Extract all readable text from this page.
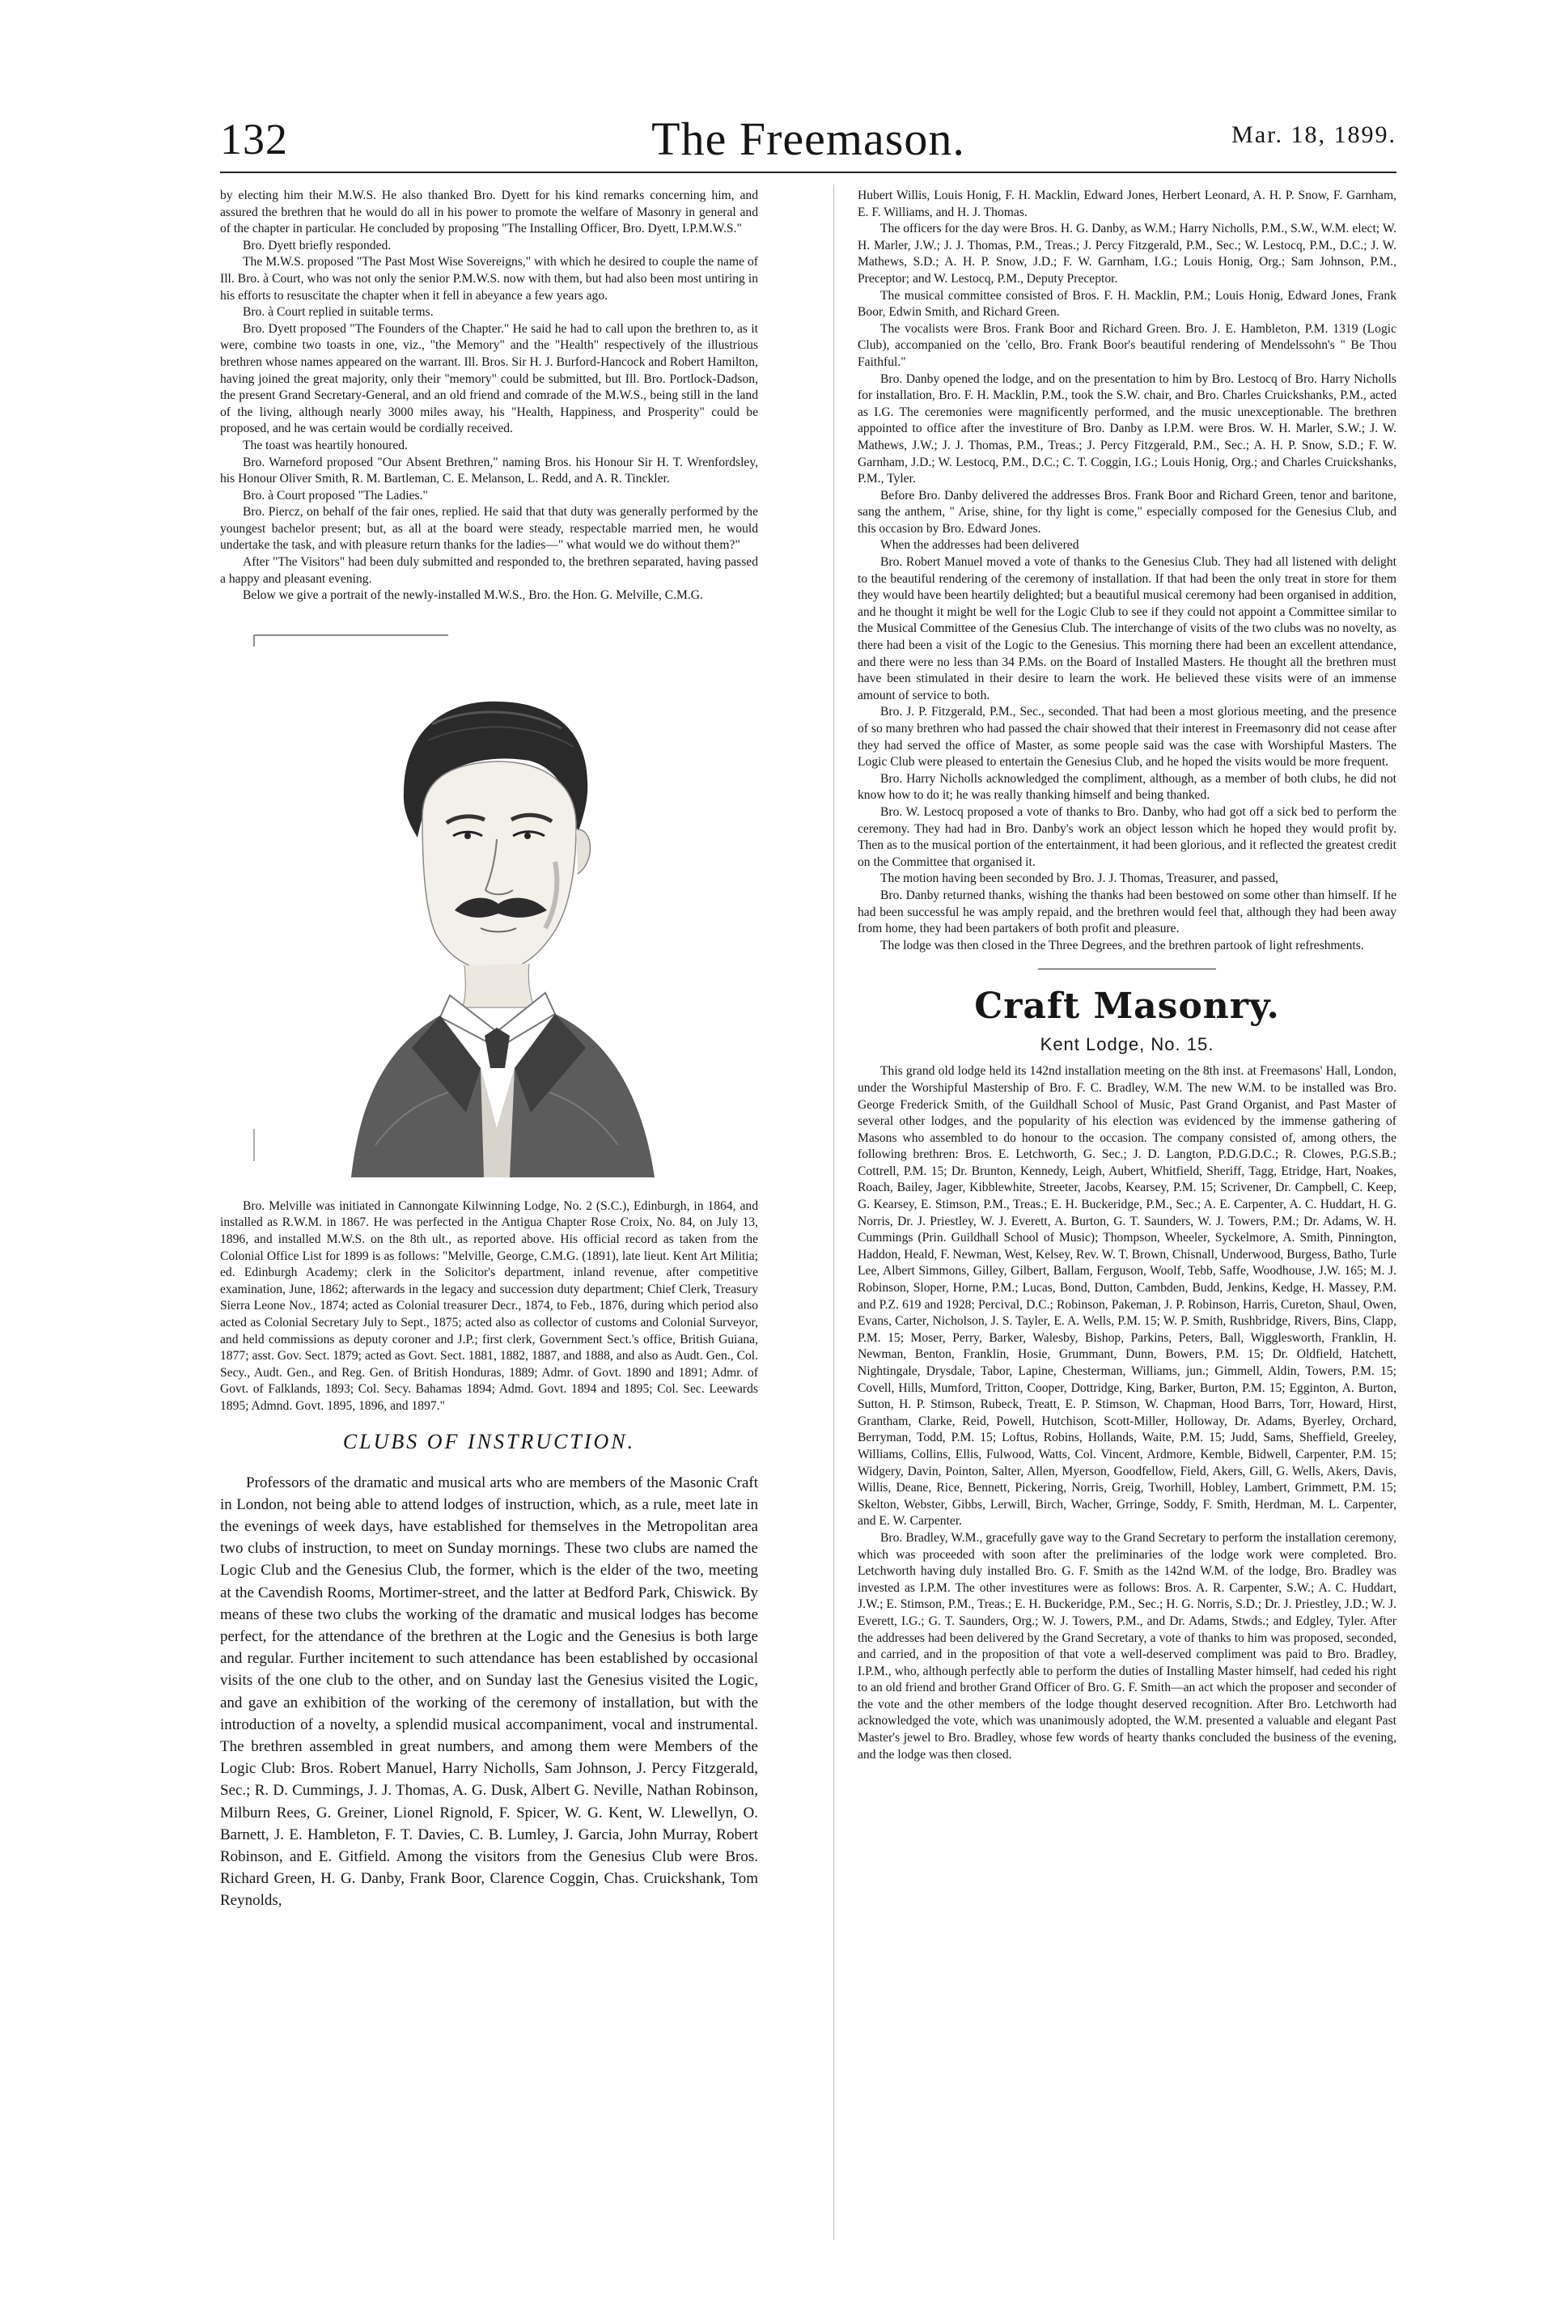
132	The Freemason.	Mar. 18, 1899.

by electing him their M.W.S. He also thanked Bro. Dyett for his kind remarks concerning him, and assured the brethren that he would do all in his power to promote the welfare of Masonry in general and of the chapter in particular. He concluded by proposing "The Installing Officer, Bro. Dyett, I.P.M.W.S."

Bro. Dyett briefly responded.

The M.W.S. proposed "The Past Most Wise Sovereigns," with which he desired to couple the name of Ill. Bro. à Court, who was not only the senior P.M.W.S. now with them, but had also been most untiring in his efforts to resuscitate the chapter when it fell in abeyance a few years ago.

Bro. à Court replied in suitable terms.

Bro. Dyett proposed "The Founders of the Chapter." He said he had to call upon the brethren to, as it were, combine two toasts in one, viz., "the Memory" and the "Health" respectively of the illustrious brethren whose names appeared on the warrant. Ill. Bros. Sir H. J. Burford-Hancock and Robert Hamilton, having joined the great majority, only their "memory" could be submitted, but Ill. Bro. Portlock-Dadson, the present Grand Secretary-General, and an old friend and comrade of the M.W.S., being still in the land of the living, although nearly 3000 miles away, his "Health, Happiness, and Prosperity" could be proposed, and he was certain would be cordially received.

The toast was heartily honoured.

Bro. Warneford proposed "Our Absent Brethren," naming Bros. his Honour Sir H. T. Wrenfordsley, his Honour Oliver Smith, R. M. Bartleman, C. E. Melanson, L. Redd, and A. R. Tinckler.

Bro. à Court proposed "The Ladies."

Bro. Piercz, on behalf of the fair ones, replied. He said that that duty was generally performed by the youngest bachelor present; but, as all at the board were steady, respectable married men, he would undertake the task, and with pleasure return thanks for the ladies—" what would we do without them?"

After "The Visitors" had been duly submitted and responded to, the brethren separated, having passed a happy and pleasant evening.

Below we give a portrait of the newly-installed M.W.S., Bro. the Hon. G. Melville, C.M.G.

Bro. Melville was initiated in Cannongate Kilwinning Lodge, No. 2 (S.C.), Edinburgh, in 1864, and installed as R.W.M. in 1867. He was perfected in the Antigua Chapter Rose Croix, No. 84, on July 13, 1896, and installed M.W.S. on the 8th ult., as reported above. His official record as taken from the Colonial Office List for 1899 is as follows: "Melville, George, C.M.G. (1891), late lieut. Kent Art Militia; ed. Edinburgh Academy; clerk in the Solicitor's department, inland revenue, after competitive examination, June, 1862; afterwards in the legacy and succession duty department; Chief Clerk, Treasury Sierra Leone Nov., 1874; acted as Colonial treasurer Decr., 1874, to Feb., 1876, during which period also acted as Colonial Secretary July to Sept., 1875; acted also as collector of customs and Colonial Surveyor, and held commissions as deputy coroner and J.P.; first clerk, Government Sect.'s office, British Guiana, 1877; asst. Gov. Sect. 1879; acted as Govt. Sect. 1881, 1882, 1887, and 1888, and also as Audt. Gen., Col. Secy., Audt. Gen., and Reg. Gen. of British Honduras, 1889; Admr. of Govt. 1890 and 1891; Admr. of Govt. of Falklands, 1893; Col. Secy. Bahamas 1894; Admd. Govt. 1894 and 1895; Col. Sec. Leewards 1895; Admnd. Govt. 1895, 1896, and 1897."

CLUBS OF INSTRUCTION.

Professors of the dramatic and musical arts who are members of the Masonic Craft in London, not being able to attend lodges of instruction, which, as a rule, meet late in the evenings of week days, have established for themselves in the Metropolitan area two clubs of instruction, to meet on Sunday mornings. These two clubs are named the Logic Club and the Genesius Club, the former, which is the elder of the two, meeting at the Cavendish Rooms, Mortimer-street, and the latter at Bedford Park, Chiswick. By means of these two clubs the working of the dramatic and musical lodges has become perfect, for the attendance of the brethren at the Logic and the Genesius is both large and regular. Further incitement to such attendance has been established by occasional visits of the one club to the other, and on Sunday last the Genesius visited the Logic, and gave an exhibition of the working of the ceremony of installation, but with the introduction of a novelty, a splendid musical accompaniment, vocal and instrumental. The brethren assembled in great numbers, and among them were Members of the Logic Club: Bros. Robert Manuel, Harry Nicholls, Sam Johnson, J. Percy Fitzgerald, Sec.; R. D. Cummings, J. J. Thomas, A. G. Dusk, Albert G. Neville, Nathan Robinson, Milburn Rees, G. Greiner, Lionel Rignold, F. Spicer, W. G. Kent, W. Llewellyn, O. Barnett, J. E. Hambleton, F. T. Davies, C. B. Lumley, J. Garcia, John Murray, Robert Robinson, and E. Gitfield. Among the visitors from the Genesius Club were Bros. Richard Green, H. G. Danby, Frank Boor, Clarence Coggin, Chas. Cruickshank, Tom Reynolds,

Hubert Willis, Louis Honig, F. H. Macklin, Edward Jones, Herbert Leonard, A. H. P. Snow, F. Garnham, E. F. Williams, and H. J. Thomas.

The officers for the day were Bros. H. G. Danby, as W.M.; Harry Nicholls, P.M., S.W., W.M. elect; W. H. Marler, J.W.; J. J. Thomas, P.M., Treas.; J. Percy Fitzgerald, P.M., Sec.; W. Lestocq, P.M., D.C.; J. W. Mathews, S.D.; A. H. P. Snow, J.D.; F. W. Garnham, I.G.; Louis Honig, Org.; Sam Johnson, P.M., Preceptor; and W. Lestocq, P.M., Deputy Preceptor.

The musical committee consisted of Bros. F. H. Macklin, P.M.; Louis Honig, Edward Jones, Frank Boor, Edwin Smith, and Richard Green.

The vocalists were Bros. Frank Boor and Richard Green. Bro. J. E. Hambleton, P.M. 1319 (Logic Club), accompanied on the 'cello, Bro. Frank Boor's beautiful rendering of Mendelssohn's " Be Thou Faithful."

Bro. Danby opened the lodge, and on the presentation to him by Bro. Lestocq of Bro. Harry Nicholls for installation, Bro. F. H. Macklin, P.M., took the S.W. chair, and Bro. Charles Cruickshanks, P.M., acted as I.G. The ceremonies were magnificently performed, and the music unexceptionable. The brethren appointed to office after the investiture of Bro. Danby as I.P.M. were Bros. W. H. Marler, S.W.; J. W. Mathews, J.W.; J. J. Thomas, P.M., Treas.; J. Percy Fitzgerald, P.M., Sec.; A. H. P. Snow, S.D.; F. W. Garnham, J.D.; W. Lestocq, P.M., D.C.; C. T. Coggin, I.G.; Louis Honig, Org.; and Charles Cruickshanks, P.M., Tyler.

Before Bro. Danby delivered the addresses Bros. Frank Boor and Richard Green, tenor and baritone, sang the anthem, " Arise, shine, for thy light is come," especially composed for the Genesius Club, and this occasion by Bro. Edward Jones.

When the addresses had been delivered

Bro. Robert Manuel moved a vote of thanks to the Genesius Club. They had all listened with delight to the beautiful rendering of the ceremony of installation. If that had been the only treat in store for them they would have been heartily delighted; but a beautiful musical ceremony had been organised in addition, and he thought it might be well for the Logic Club to see if they could not appoint a Committee similar to the Musical Committee of the Genesius Club. The interchange of visits of the two clubs was no novelty, as there had been a visit of the Logic to the Genesius. This morning there had been an excellent attendance, and there were no less than 34 P.Ms. on the Board of Installed Masters. He thought all the brethren must have been stimulated in their desire to learn the work. He believed these visits were of an immense amount of service to both.

Bro. J. P. Fitzgerald, P.M., Sec., seconded. That had been a most glorious meeting, and the presence of so many brethren who had passed the chair showed that their interest in Freemasonry did not cease after they had served the office of Master, as some people said was the case with Worshipful Masters. The Logic Club were pleased to entertain the Genesius Club, and he hoped the visits would be more frequent.

Bro. Harry Nicholls acknowledged the compliment, although, as a member of both clubs, he did not know how to do it; he was really thanking himself and being thanked.

Bro. W. Lestocq proposed a vote of thanks to Bro. Danby, who had got off a sick bed to perform the ceremony. They had had in Bro. Danby's work an object lesson which he hoped they would profit by. Then as to the musical portion of the entertainment, it had been glorious, and it reflected the greatest credit on the Committee that organised it.

The motion having been seconded by Bro. J. J. Thomas, Treasurer, and passed,

Bro. Danby returned thanks, wishing the thanks had been bestowed on some other than himself. If he had been successful he was amply repaid, and the brethren would feel that, although they had been away from home, they had been partakers of both profit and pleasure.

The lodge was then closed in the Three Degrees, and the brethren partook of light refreshments.

Craft Masonry.
Kent Lodge, No. 15.

This grand old lodge held its 142nd installation meeting on the 8th inst. at Freemasons' Hall, London, under the Worshipful Mastership of Bro. F. C. Bradley, W.M. The new W.M. to be installed was Bro. George Frederick Smith, of the Guildhall School of Music, Past Grand Organist, and Past Master of several other lodges, and the popularity of his election was evidenced by the immense gathering of Masons who assembled to do honour to the occasion. The company consisted of, among others, the following brethren: Bros. E. Letchworth, G. Sec.; J. D. Langton, P.D.G.D.C.; R. Clowes, P.G.S.B.; Cottrell, P.M. 15; Dr. Brunton, Kennedy, Leigh, Aubert, Whitfield, Sheriff, Tagg, Etridge, Hart, Noakes, Roach, Bailey, Jager, Kibblewhite, Streeter, Jacobs, Kearsey, P.M. 15; Scrivener, Dr. Campbell, C. Keep, G. Kearsey, E. Stimson, P.M., Treas.; E. H. Buckeridge, P.M., Sec.; A. E. Carpenter, A. C. Huddart, H. G. Norris, Dr. J. Priestley, W. J. Everett, A. Burton, G. T. Saunders, W. J. Towers, P.M.; Dr. Adams, W. H. Cummings (Prin. Guildhall School of Music); Thompson, Wheeler, Syckelmore, A. Smith, Pinnington, Haddon, Heald, F. Newman, West, Kelsey, Rev. W. T. Brown, Chisnall, Underwood, Burgess, Batho, Turle Lee, Albert Simmons, Gilley, Gilbert, Ballam, Ferguson, Woolf, Tebb, Saffe, Woodhouse, J.W. 165; M. J. Robinson, Sloper, Horne, P.M.; Lucas, Bond, Dutton, Cambden, Budd, Jenkins, Kedge, H. Massey, P.M. and P.Z. 619 and 1928; Percival, D.C.; Robinson, Pakeman, J. P. Robinson, Harris, Cureton, Shaul, Owen, Evans, Carter, Nicholson, J. S. Tayler, E. A. Wells, P.M. 15; W. P. Smith, Rushbridge, Rivers, Bins, Clapp, P.M. 15; Moser, Perry, Barker, Walesby, Bishop, Parkins, Peters, Ball, Wigglesworth, Franklin, H. Newman, Benton, Franklin, Hosie, Grummant, Dunn, Bowers, P.M. 15; Dr. Oldfield, Hatchett, Nightingale, Drysdale, Tabor, Lapine, Chesterman, Williams, jun.; Gimmell, Aldin, Towers, P.M. 15; Covell, Hills, Mumford, Tritton, Cooper, Dottridge, King, Barker, Burton, P.M. 15; Egginton, A. Burton, Sutton, H. P. Stimson, Rubeck, Treatt, E. P. Stimson, W. Chapman, Hood Barrs, Torr, Howard, Hirst, Grantham, Clarke, Reid, Powell, Hutchison, Scott-Miller, Holloway, Dr. Adams, Byerley, Orchard, Berryman, Todd, P.M. 15; Loftus, Robins, Hollands, Waite, P.M. 15; Judd, Sams, Sheffield, Greeley, Williams, Collins, Ellis, Fulwood, Watts, Col. Vincent, Ardmore, Kemble, Bidwell, Carpenter, P.M. 15; Widgery, Davin, Pointon, Salter, Allen, Myerson, Goodfellow, Field, Akers, Gill, G. Wells, Akers, Davis, Willis, Deane, Rice, Bennett, Pickering, Norris, Greig, Tworhill, Hobley, Lambert, Grimmett, P.M. 15; Skelton, Webster, Gibbs, Lerwill, Birch, Wacher, Grringe, Soddy, F. Smith, Herdman, M. L. Carpenter, and E. W. Carpenter.

Bro. Bradley, W.M., gracefully gave way to the Grand Secretary to perform the installation ceremony, which was proceeded with soon after the preliminaries of the lodge work were completed. Bro. Letchworth having duly installed Bro. G. F. Smith as the 142nd W.M. of the lodge, Bro. Bradley was invested as I.P.M. The other investitures were as follows: Bros. A. R. Carpenter, S.W.; A. C. Huddart, J.W.; E. Stimson, P.M., Treas.; E. H. Buckeridge, P.M., Sec.; H. G. Norris, S.D.; Dr. J. Priestley, J.D.; W. J. Everett, I.G.; G. T. Saunders, Org.; W. J. Towers, P.M., and Dr. Adams, Stwds.; and Edgley, Tyler. After the addresses had been delivered by the Grand Secretary, a vote of thanks to him was proposed, seconded, and carried, and in the proposition of that vote a well-deserved compliment was paid to Bro. Bradley, I.P.M., who, although perfectly able to perform the duties of Installing Master himself, had ceded his right to an old friend and brother Grand Officer of Bro. G. F. Smith—an act which the proposer and seconder of the vote and the other members of the lodge thought deserved recognition. After Bro. Letchworth had acknowledged the vote, which was unanimously adopted, the W.M. presented a valuable and elegant Past Master's jewel to Bro. Bradley, whose few words of hearty thanks concluded the business of the evening, and the lodge was then closed.
